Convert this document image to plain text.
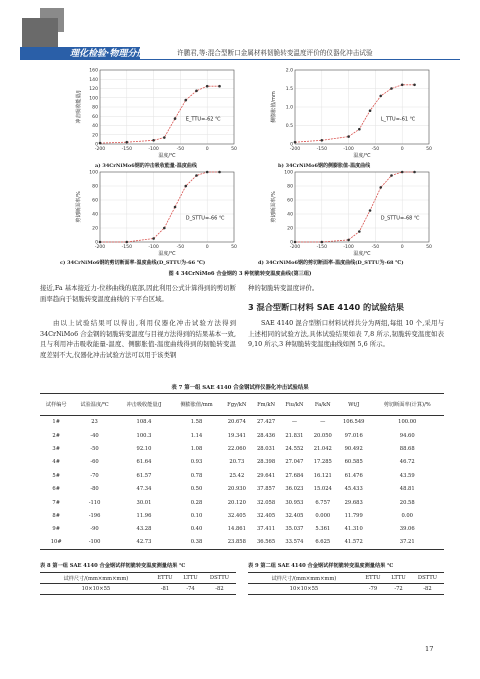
理化检验·物理分册	许鹏君,等:混合型断口金属材料韧脆转变温度评价的仪器化冲击试验
0
20
40
60
80
100
120
140
160
-200	-150	-100	-50	0	50
温度/℃
冲击吸收能量/J	E_TTU=-62 ℃
0
0.5
1.0
1.5
2.0
-200	-150	-100	-50	0	50
温度/℃
侧膨胀值/mm	L_TTU=-61 ℃
a) 34CrNiMo6钢的冲击吸收能量-温度曲线	b) 34CrNiMo6钢的侧膨胀值-温度曲线
0
20
40
60
80
100
-200	-150	-100	-50	0	50
温度/℃
剪切断面率/%	D_STTU=-66 ℃
0
20
40
60
80
100
-200	-150	-100	-50	0	50
温度/℃
剪切断面率/%	D_STTU=-68 ℃
c) 34CrNiMo6钢的剪切断面率-温度曲线(D_STTU为-66 ℃)	d) 34CrNiMo6钢的剪切断面率-温度曲线(D_STTU为-68 ℃)
图 4 34CrNiMo6 合金钢的 3 种韧脆转变温度曲线(第三组)
接近,Fa 基本接近力-位移曲线的底部,因此利用公式计算得到的剪切断面率趋向于韧脆转变温度曲线的下平台区域。
由以上试验结果可以得出,利用仪器化冲击试验方法得到 34CrNiMo6 合金钢的韧脆转变温度与目视方法得到的结果基本一致,且与利用冲击吸收能量-温度、侧膨胀值-温度曲线得到的韧脆转变温度差别不大,仪器化冲击试验方法可以用于该类钢
种的韧脆转变温度评价。
3 混合型断口材料 SAE 4140 的试验结果
SAE 4140 混合型断口材料试样共分为两组,每组 10 个,采用与上述相同的试验方法,具体试验结果如表 7,8 所示,韧脆转变温度如表 9,10 所示,3 种韧脆转变温度曲线如图 5,6 所示。
表 7 第一组 SAE 4140 合金钢试样仪器化冲击试验结果
试样编号	试验温度/℃	冲击吸收能量/J	侧膨胀值/mm	Fgy/kN	Fm/kN	Fiu/kN	Fa/kN	Wt/J	剪切断面率(计算)/%
1#	23	108.4	1.58	20.674	27.427	—	—	106.549	100.00
2#	-40	100.3	1.14	19.341	28.436	21.831	20.050	97.016	94.60
3#	-50	92.10	1.08	22.060	28.031	24.552	21.042	90.492	88.68
4#	-60	61.64	0.93	20.73	28.398	27.047	17.285	60.585	46.72
5#	-70	61.57	0.78	25.42	29.641	27.684	16.121	61.476	43.59
6#	-80	47.34	0.50	20.930	37.857	36.023	15.024	45.433	48.81
7#	-110	30.01	0.28	20.120	32.058	30.953	6.757	29.683	20.58
8#	-196	11.96	0.10	32.405	32.405	32.405	0.000	11.799	0.00
9#	-90	43.28	0.40	14.861	37.411	35.037	5.361	41.310	39.06
10#	-100	42.73	0.38	23.858	36.565	33.574	6.625	41.572	37.21
表 8 第一组 SAE 4140 合金钢试样韧脆转变温度测量结果 ℃
试样尺寸/(mm×mm×mm)	ETTU	LTTU	DSTTU
10×10×55	-81	-74	-82
表 9 第二组 SAE 4140 合金钢试样韧脆转变温度测量结果 ℃
试样尺寸/(mm×mm×mm)	ETTU	LTTU	DSTTU
10×10×55	-79	-72	-82
17
